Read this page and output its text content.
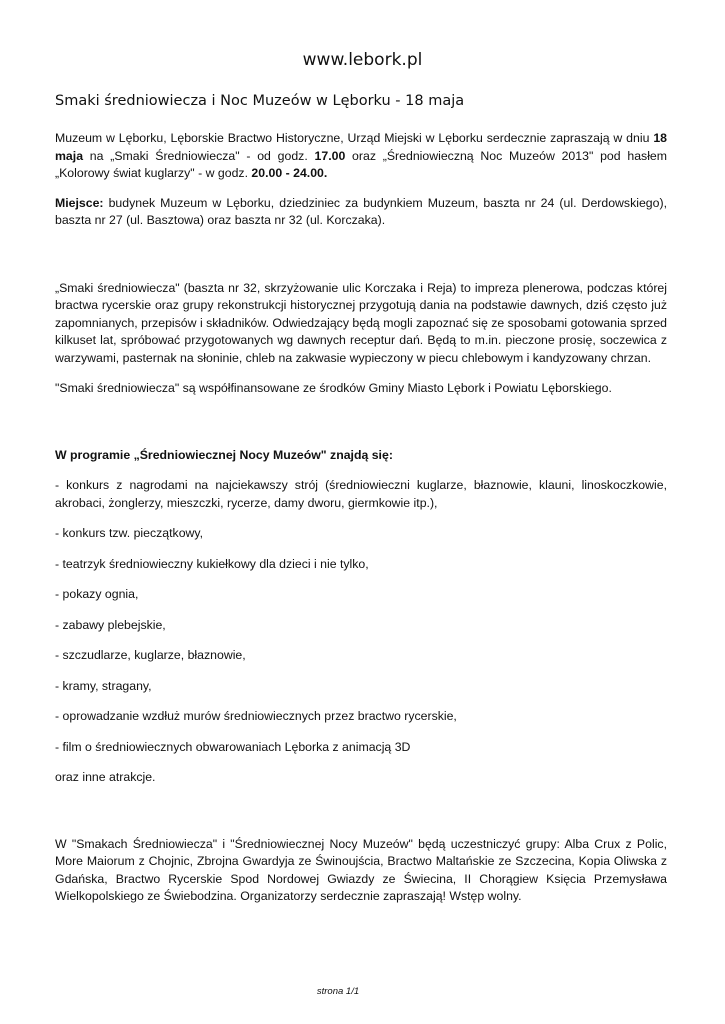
www.lebork.pl
Smaki średniowiecza i Noc Muzeów w Lęborku - 18 maja

Muzeum w Lęborku, Lęborskie Bractwo Historyczne, Urząd Miejski w Lęborku serdecznie zapraszają w dniu 18 maja na „Smaki Średniowiecza" - od godz. 17.00 oraz „Średniowieczną Noc Muzeów 2013" pod hasłem „Kolorowy świat kuglarzy" - w godz. 20.00 - 24.00.

Miejsce: budynek Muzeum w Lęborku, dziedziniec za budynkiem Muzeum, baszta nr 24 (ul. Derdowskiego), baszta nr 27 (ul. Basztowa) oraz baszta nr 32 (ul. Korczaka).

„Smaki średniowiecza" (baszta nr 32, skrzyżowanie ulic Korczaka i Reja) to impreza plenerowa, podczas której bractwa rycerskie oraz grupy rekonstrukcji historycznej przygotują dania na podstawie dawnych, dziś często już zapomnianych, przepisów i składników. Odwiedzający będą mogli zapoznać się ze sposobami gotowania sprzed kilkuset lat, spróbować przygotowanych wg dawnych receptur dań. Będą to m.in. pieczone prosię, soczewica z warzywami, pasternak na słoninie, chleb na zakwasie wypieczony w piecu chlebowym i kandyzowany chrzan.

"Smaki średniowiecza" są współfinansowane ze środków Gminy Miasto Lębork i Powiatu Lęborskiego.

W programie „Średniowiecznej Nocy Muzeów" znajdą się:

- konkurs z nagrodami na najciekawszy strój (średniowieczni kuglarze, błaznowie, klauni, linoskoczkowie, akrobaci, żonglerzy, mieszczki, rycerze, damy dworu, giermkowie itp.),

- konkurs tzw. pieczątkowy,

- teatrzyk średniowieczny kukiełkowy dla dzieci i nie tylko,

- pokazy ognia,

- zabawy plebejskie,

- szczudlarze, kuglarze, błaznowie,

- kramy, stragany,

- oprowadzanie wzdłuż murów średniowiecznych przez bractwo rycerskie,

- film o średniowiecznych obwarowaniach Lęborka z animacją 3D

oraz inne atrakcje.

W "Smakach Średniowiecza" i "Średniowiecznej Nocy Muzeów" będą uczestniczyć grupy: Alba Crux z Polic, More Maiorum z Chojnic, Zbrojna Gwardyja ze Świnoujścia, Bractwo Maltańskie ze Szczecina, Kopia Oliwska z Gdańska, Bractwo Rycerskie Spod Nordowej Gwiazdy ze Świecina, II Chorągiew Księcia Przemysława Wielkopolskiego ze Świebodzina. Organizatorzy serdecznie zapraszają! Wstęp wolny.

strona 1/1
